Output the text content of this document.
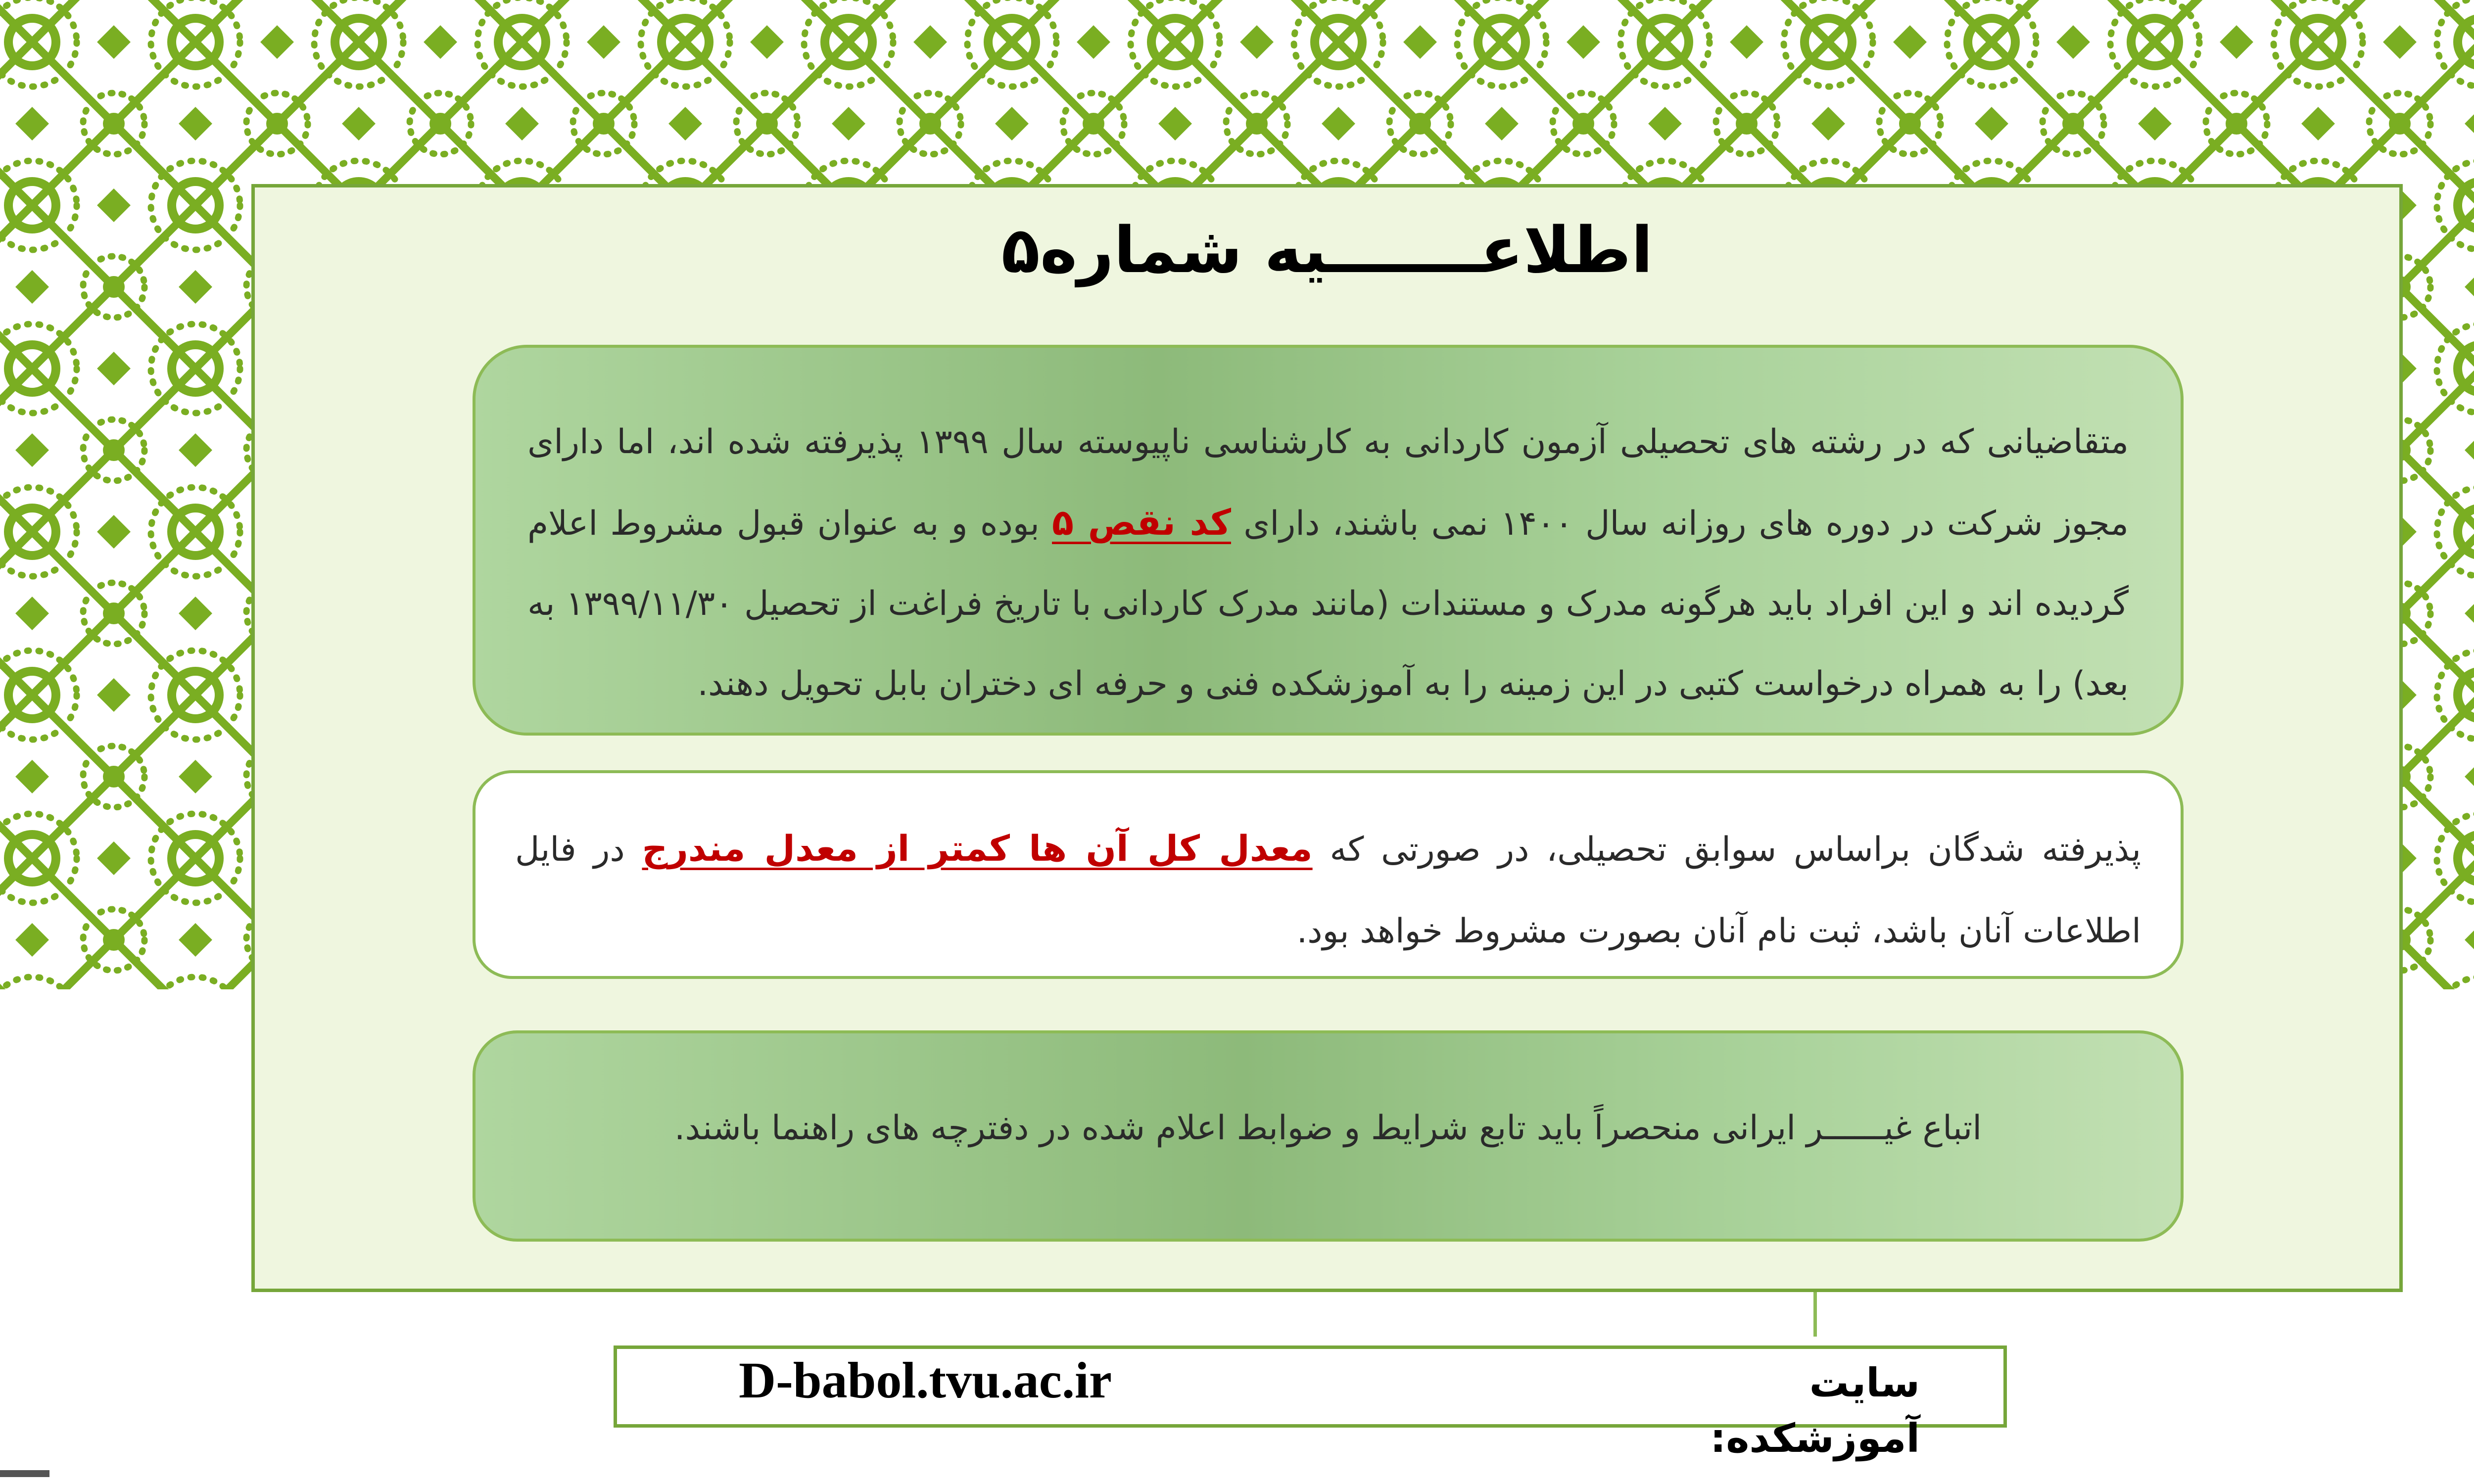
اطلاعـــــــیه شماره۵
متقاضیانی که در رشته های تحصیلی آزمون کاردانی به کارشناسی ناپیوسته سال ۱۳۹۹ پذیرفته شده اند، اما دارای مجوز شرکت در دوره های روزانه سال ۱۴۰۰ نمی باشند، دارای کد نقص ۵ بوده و به عنوان قبول مشروط اعلام گردیده اند و این افراد باید هرگونه مدرک و مستندات (مانند مدرک کاردانی با تاریخ فراغت از تحصیل ۱۳۹۹/۱۱/۳۰ به بعد) را به همراه درخواست کتبی در این زمینه را به آموزشکده فنی و حرفه ای دختران بابل تحویل دهند.
پذیرفته شدگان براساس سوابق تحصیلی، در صورتی که معدل کل آن ها کمتر از معدل مندرج در فایل اطلاعات آنان باشد، ثبت نام آنان بصورت مشروط خواهد بود.
اتباع غیــــــر ایرانی منحصراً باید تابع شرایط و ضوابط اعلام شده در دفترچه های راهنما باشند.
سایت آموزشکده:
D-babol.tvu.ac.ir
